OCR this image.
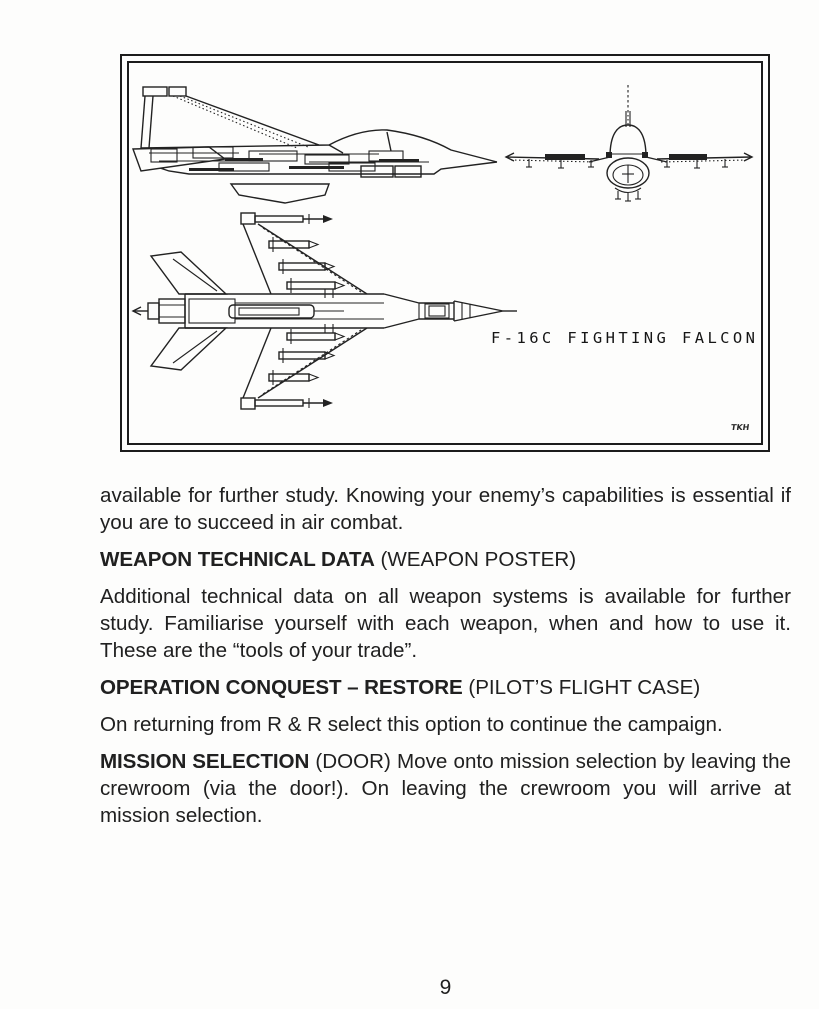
F-16C FIGHTING FALCON
TKH

available for further study. Knowing your enemy’s capabilities is essential if you are to succeed in air combat.

WEAPON TECHNICAL DATA (WEAPON POSTER)

Additional technical data on all weapon systems is available for further study. Familiarise yourself with each weapon, when and how to use it. These are the “tools of your trade”.

OPERATION CONQUEST – RESTORE (PILOT’S FLIGHT CASE)

On returning from R & R select this option to continue the campaign.

MISSION SELECTION (DOOR) Move onto mission selection by leaving the crewroom (via the door!). On leaving the crewroom you will arrive at mission selection.

9
